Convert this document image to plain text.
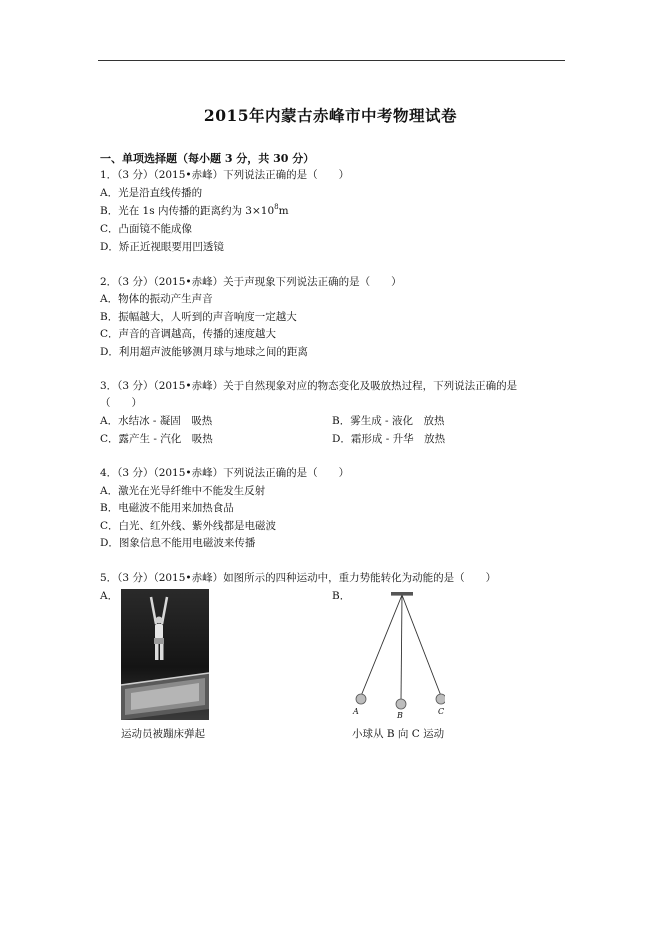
2015年内蒙古赤峰市中考物理试卷
一、单项选择题（每小题 3 分，共 30 分）
1．（3 分）（2015•赤峰）下列说法正确的是（　　）
A．光是沿直线传播的
B．光在 1s 内传播的距离约为 $3\times 10^8m$
C．凸面镜不能成像
D．矫正近视眼要用凹透镜
2．（3 分）（2015•赤峰）关于声现象下列说法正确的是（　　）
A．物体的振动产生声音
B．振幅越大，人听到的声音响度一定越大
C．声音的音调越高，传播的速度越大
D．利用超声波能够测月球与地球之间的距离
3．（3 分）（2015•赤峰）关于自然现象对应的物态变化及吸放热过程，下列说法正确的是
（　　）
A．水结冰 - 凝固　吸热	B．雾生成 - 液化　放热
C．露产生 - 汽化　吸热	D．霜形成 - 升华　放热
4．（3 分）（2015•赤峰）下列说法正确的是（　　）
A．激光在光导纤维中不能发生反射
B．电磁波不能用来加热食品
C．白光、红外线、紫外线都是电磁波
D．图象信息不能用电磁波来传播
5．（3 分）（2015•赤峰）如图所示的四种运动中，重力势能转化为动能的是（　　）
A．	B．
运动员被蹦床弹起
A	B	C
小球从 B 向 C 运动
